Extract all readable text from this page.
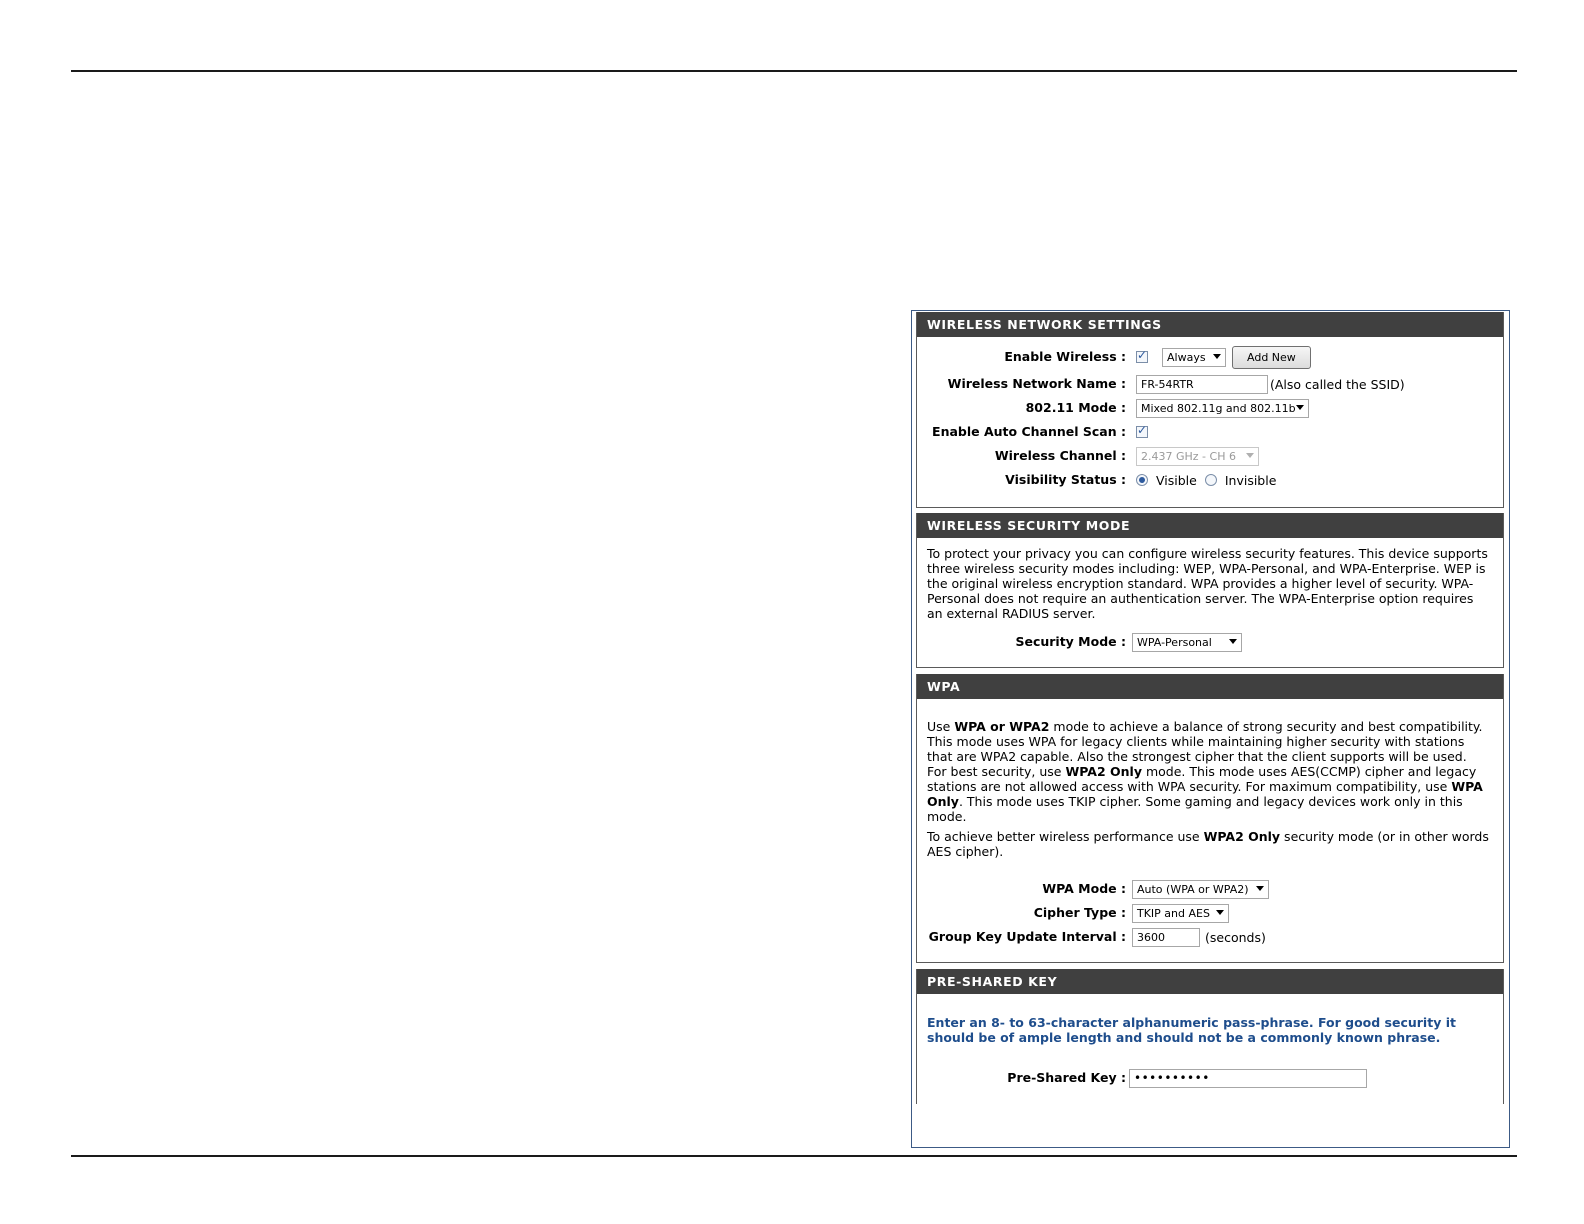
WIRELESS NETWORK SETTINGS
Enable Wireless :
✓	Always	Add New
Wireless Network Name :	FR-54RTR	(Also called the SSID)
802.11 Mode : Mixed 802.11g and 802.11b
Enable Auto Channel Scan :
✓
Wireless Channel : 2.437 GHz - CH 6
Visibility Status : Visible Invisible
WIRELESS SECURITY MODE
To protect your privacy you can configure wireless security features. This device supports three wireless security modes including: WEP, WPA-Personal, and WPA-Enterprise. WEP is the original wireless encryption standard. WPA provides a higher level of security. WPA-Personal does not require an authentication server. The WPA-Enterprise option requires an external RADIUS server.
Security Mode : WPA-Personal
WPA
Use WPA or WPA2 mode to achieve a balance of strong security and best compatibility. This mode uses WPA for legacy clients while maintaining higher security with stations that are WPA2 capable. Also the strongest cipher that the client supports will be used. For best security, use WPA2 Only mode. This mode uses AES(CCMP) cipher and legacy stations are not allowed access with WPA security. For maximum compatibility, use WPA Only. This mode uses TKIP cipher. Some gaming and legacy devices work only in this mode.
To achieve better wireless performance use WPA2 Only security mode (or in other words AES cipher).
WPA Mode : Auto (WPA or WPA2)
Cipher Type : TKIP and AES
Group Key Update Interval :	3600	(seconds)
PRE-SHARED KEY
Enter an 8- to 63-character alphanumeric pass-phrase. For good security it should be of ample length and should not be a commonly known phrase.
Pre-Shared Key : ••••••••••
